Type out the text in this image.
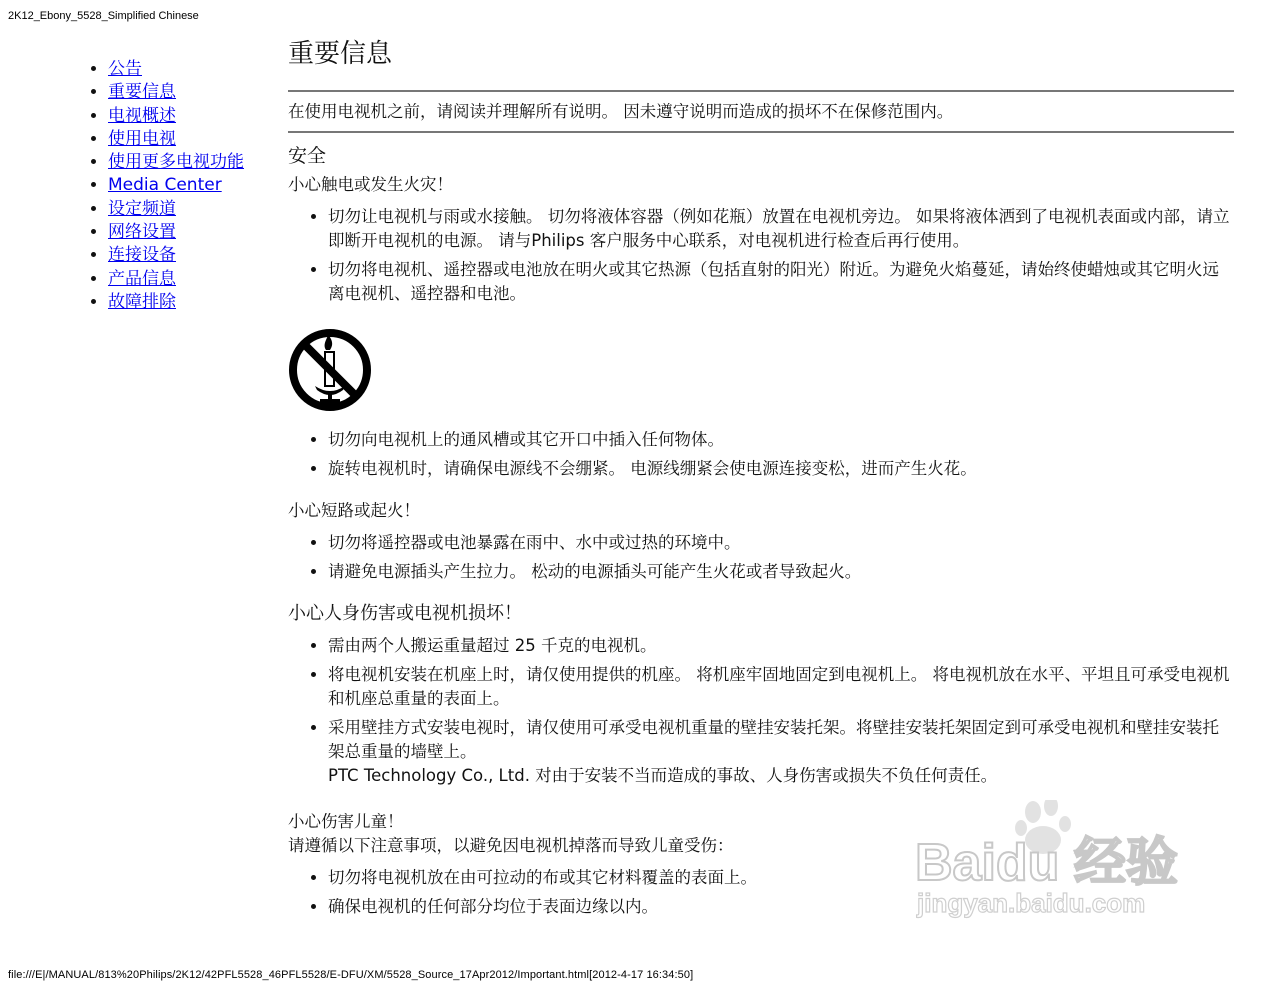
2K12_Ebony_5528_Simplified Chinese
• 公告
• 重要信息
• 电视概述
• 使用电视
• 使用更多电视功能
• Media Center
• 设定频道
• 网络设置
• 连接设备
• 产品信息
• 故障排除
重要信息

在使用电视机之前，请阅读并理解所有说明。 因未遵守说明而造成的损坏不在保修范围内。

安全
小心触电或发生火灾！
• 切勿让电视机与雨或水接触。 切勿将液体容器（例如花瓶）放置在电视机旁边。 如果将液体洒到了电视机表面或内部，请立即断开电视机的电源。 请与Philips 客户服务中心联系，对电视机进行检查后再行使用。
• 切勿将电视机、遥控器或电池放在明火或其它热源（包括直射的阳光）附近。为避免火焰蔓延，请始终使蜡烛或其它明火远离电视机、遥控器和电池。
• 切勿向电视机上的通风槽或其它开口中插入任何物体。
• 旋转电视机时，请确保电源线不会绷紧。 电源线绷紧会使电源连接变松，进而产生火花。
小心短路或起火！
• 切勿将遥控器或电池暴露在雨中、水中或过热的环境中。
• 请避免电源插头产生拉力。 松动的电源插头可能产生火花或者导致起火。
小心人身伤害或电视机损坏！
• 需由两个人搬运重量超过 25 千克的电视机。
• 将电视机安装在机座上时，请仅使用提供的机座。 将机座牢固地固定到电视机上。 将电视机放在水平、平坦且可承受电视机和机座总重量的表面上。
• 采用壁挂方式安装电视时，请仅使用可承受电视机重量的壁挂安装托架。将壁挂安装托架固定到可承受电视机和壁挂安装托架总重量的墙壁上。
PTC Technology Co., Ltd. 对由于安装不当而造成的事故、人身伤害或损失不负任何责任。
小心伤害儿童！
请遵循以下注意事项，以避免因电视机掉落而导致儿童受伤：
• 切勿将电视机放在由可拉动的布或其它材料覆盖的表面上。
• 确保电视机的任何部分均位于表面边缘以内。
Baidu 经验
jingyan.baidu.com
file:///E|/MANUAL/813%20Philips/2K12/42PFL5528_46PFL5528/E-DFU/XM/5528_Source_17Apr2012/Important.html[2012-4-17 16:34:50]
